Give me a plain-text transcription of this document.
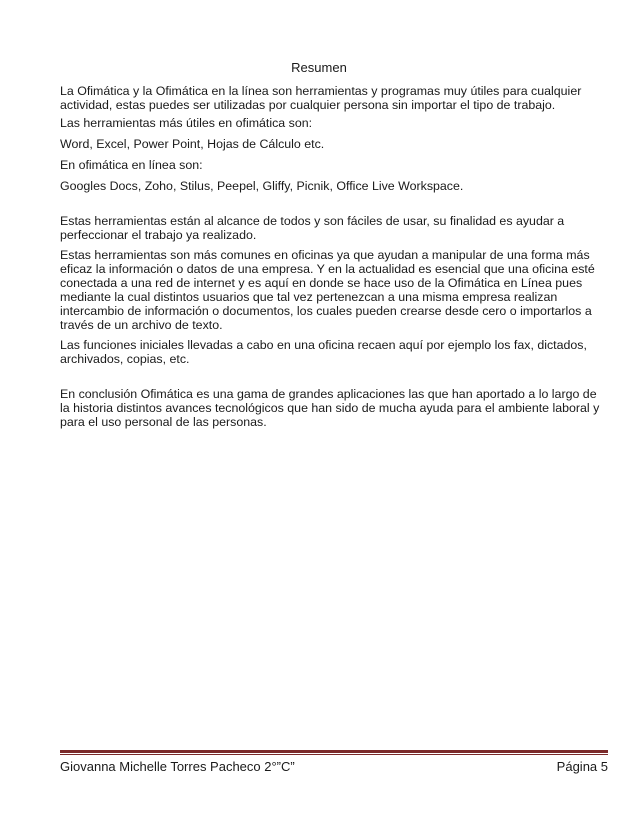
Resumen

La Ofimática y la Ofimática en la línea son herramientas y programas muy útiles para cualquier actividad, estas puedes ser utilizadas por cualquier persona sin importar el tipo de trabajo.

Las herramientas más útiles en ofimática son:

Word, Excel, Power Point, Hojas de Cálculo etc.

En ofimática en línea son:

Googles Docs, Zoho, Stilus, Peepel, Gliffy, Picnik, Office Live Workspace.

Estas herramientas están al alcance de todos y son fáciles de usar, su finalidad es ayudar a perfeccionar el trabajo ya realizado.

Estas herramientas son más comunes en oficinas ya que ayudan a manipular de una forma más eficaz la información o datos de una empresa. Y en la actualidad es esencial que una oficina esté conectada a una red de internet y es aquí en donde se hace uso de la Ofimática en Línea pues mediante la cual distintos usuarios que tal vez pertenezcan a una misma empresa realizan intercambio de información o documentos, los cuales pueden crearse desde cero o importarlos a través de un archivo de texto.

Las funciones iniciales llevadas a cabo en una oficina recaen aquí por ejemplo los fax, dictados, archivados, copias, etc.

En conclusión Ofimática es una gama de grandes aplicaciones las que han aportado a lo largo de la historia distintos avances tecnológicos que han sido de mucha ayuda para el ambiente laboral y para el uso personal de las personas.

Giovanna Michelle Torres Pacheco 2°”C”	Página 5
